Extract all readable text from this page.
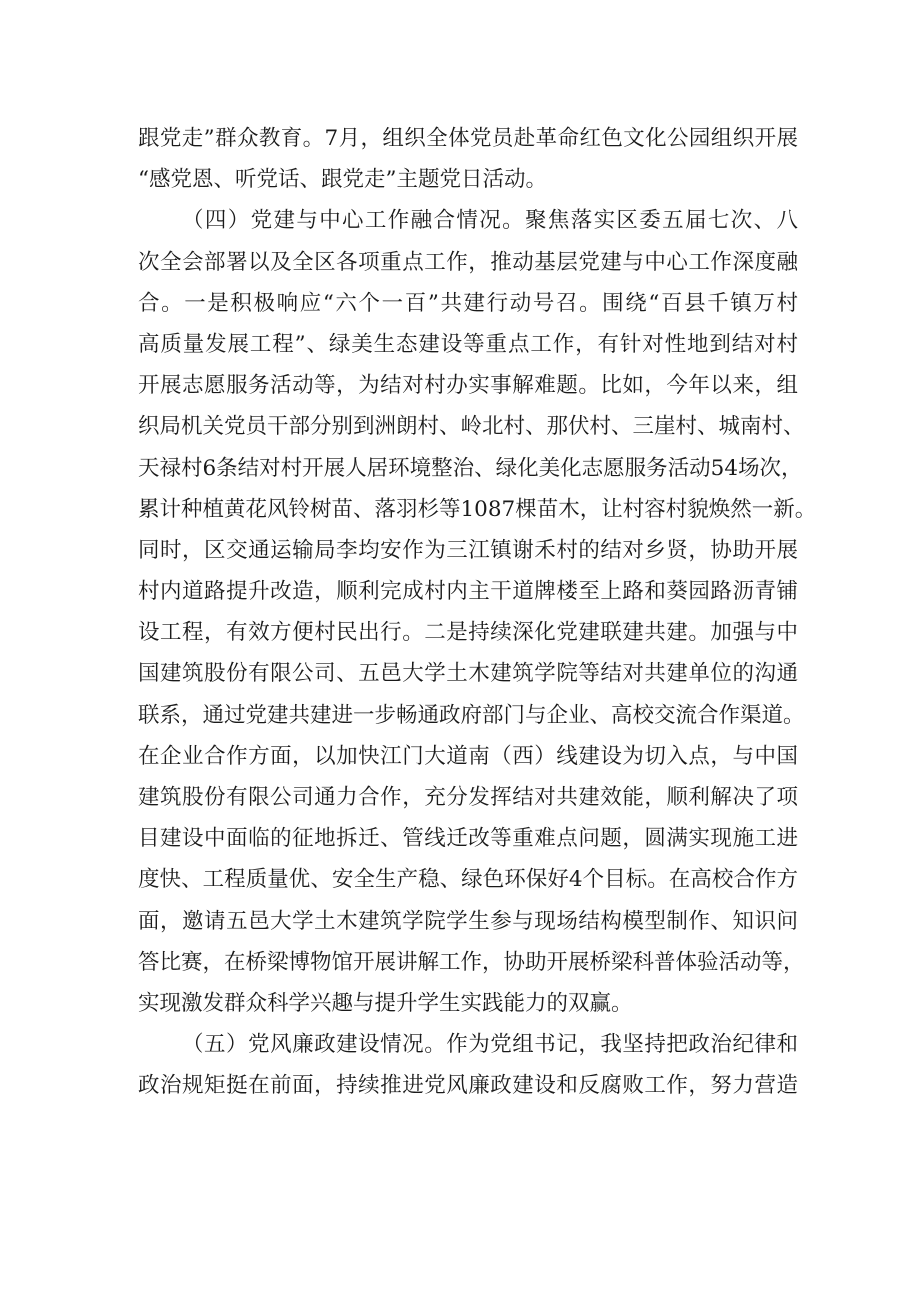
跟党走”群众教育。7月，组织全体党员赴革命红色文化公园组织开展
“感党恩、听党话、跟党走”主题党日活动。
（四）党建与中心工作融合情况。聚焦落实区委五届七次、八
次全会部署以及全区各项重点工作，推动基层党建与中心工作深度融
合。一是积极响应“六个一百”共建行动号召。围绕“百县千镇万村
高质量发展工程”、绿美生态建设等重点工作，有针对性地到结对村
开展志愿服务活动等，为结对村办实事解难题。比如，今年以来，组
织局机关党员干部分别到洲朗村、岭北村、那伏村、三崖村、城南村、
天禄村6条结对村开展人居环境整治、绿化美化志愿服务活动54场次，
累计种植黄花风铃树苗、落羽杉等1087棵苗木，让村容村貌焕然一新。
同时，区交通运输局李均安作为三江镇谢禾村的结对乡贤，协助开展
村内道路提升改造，顺利完成村内主干道牌楼至上路和葵园路沥青铺
设工程，有效方便村民出行。二是持续深化党建联建共建。加强与中
国建筑股份有限公司、五邑大学土木建筑学院等结对共建单位的沟通
联系，通过党建共建进一步畅通政府部门与企业、高校交流合作渠道。
在企业合作方面，以加快江门大道南（西）线建设为切入点，与中国
建筑股份有限公司通力合作，充分发挥结对共建效能，顺利解决了项
目建设中面临的征地拆迁、管线迁改等重难点问题，圆满实现施工进
度快、工程质量优、安全生产稳、绿色环保好4个目标。在高校合作方
面，邀请五邑大学土木建筑学院学生参与现场结构模型制作、知识问
答比赛，在桥梁博物馆开展讲解工作，协助开展桥梁科普体验活动等，
实现激发群众科学兴趣与提升学生实践能力的双赢。
（五）党风廉政建设情况。作为党组书记，我坚持把政治纪律和
政治规矩挺在前面，持续推进党风廉政建设和反腐败工作，努力营造
